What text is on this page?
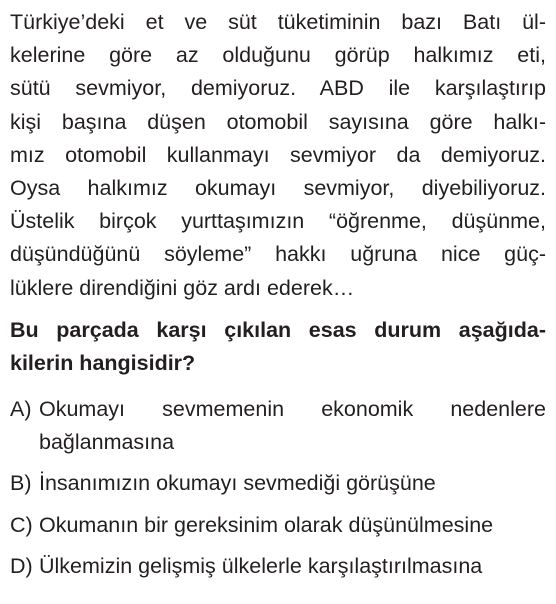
Türkiye’deki et ve süt tüketiminin bazı Batı ül-
kelerine göre az olduğunu görüp halkımız eti,
sütü sevmiyor, demiyoruz. ABD ile karşılaştırıp
kişi başına düşen otomobil sayısına göre halkı-
mız otomobil kullanmayı sevmiyor da demiyoruz.
Oysa halkımız okumayı sevmiyor, diyebiliyoruz.
Üstelik birçok yurttaşımızın “öğrenme, düşünme,
düşündüğünü söyleme” hakkı uğruna nice güç-
lüklere direndiğini göz ardı ederek…
Bu parçada karşı çıkılan esas durum aşağıda-
kilerin hangisidir?
A) Okumayı sevmemenin ekonomik nedenlere
bağlanmasına
B) İnsanımızın okumayı sevmediği görüşüne
C) Okumanın bir gereksinim olarak düşünülmesine
D) Ülkemizin gelişmiş ülkelerle karşılaştırılmasına
